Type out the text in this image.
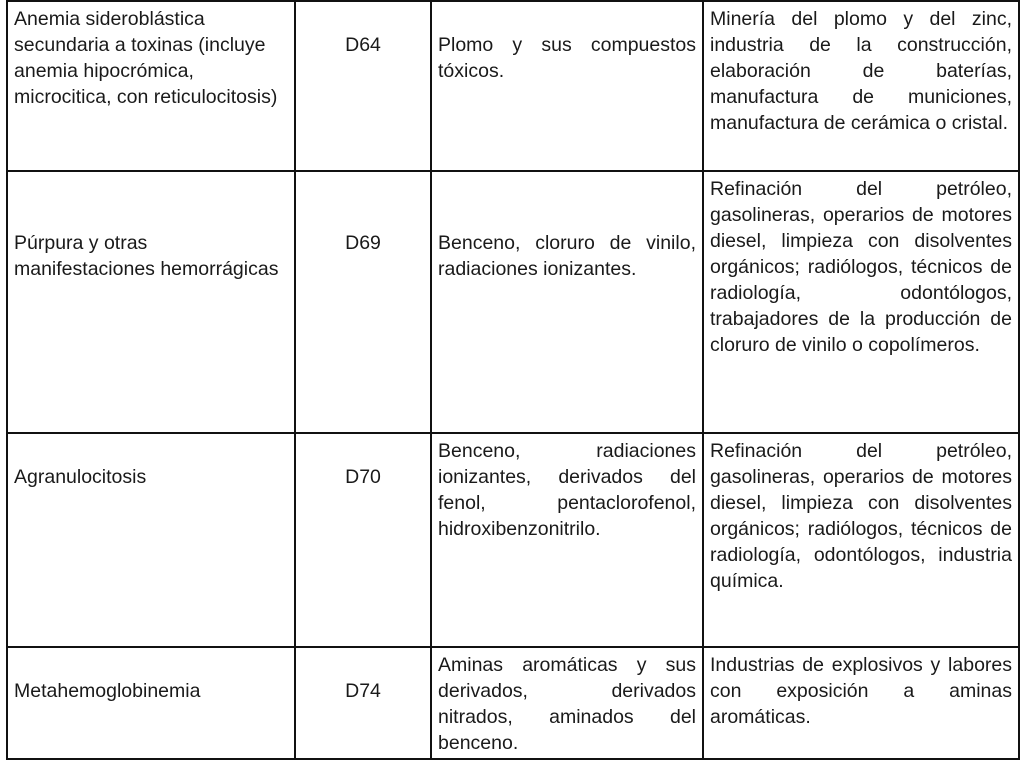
Anemia sideroblástica secundaria a toxinas (incluye anemia hipocrómica, microcitica, con reticulocitosis)	D64	Plomo y sus compuestos tóxicos.	Minería del plomo y del zinc, industria de la construcción, elaboración de baterías, manufactura de municiones, manufactura de cerámica o cristal.

Púrpura y otras manifestaciones hemorrágicas	D69	Benceno, cloruro de vinilo, radiaciones ionizantes.	Refinación del petróleo, gasolineras, operarios de motores diesel, limpieza con disolventes orgánicos; radiólogos, técnicos de radiología, odontólogos, trabajadores de la producción de cloruro de vinilo o copolímeros.

Agranulocitosis	D70	Benceno, radiaciones ionizantes, derivados del fenol, pentaclorofenol, hidroxibenzonitrilo.	Refinación del petróleo, gasolineras, operarios de motores diesel, limpieza con disolventes orgánicos; radiólogos, técnicos de radiología, odontólogos, industria química.

Metahemoglobinemia	D74	Aminas aromáticas y sus derivados, derivados nitrados, aminados del benceno.	Industrias de explosivos y labores con exposición a aminas aromáticas.
